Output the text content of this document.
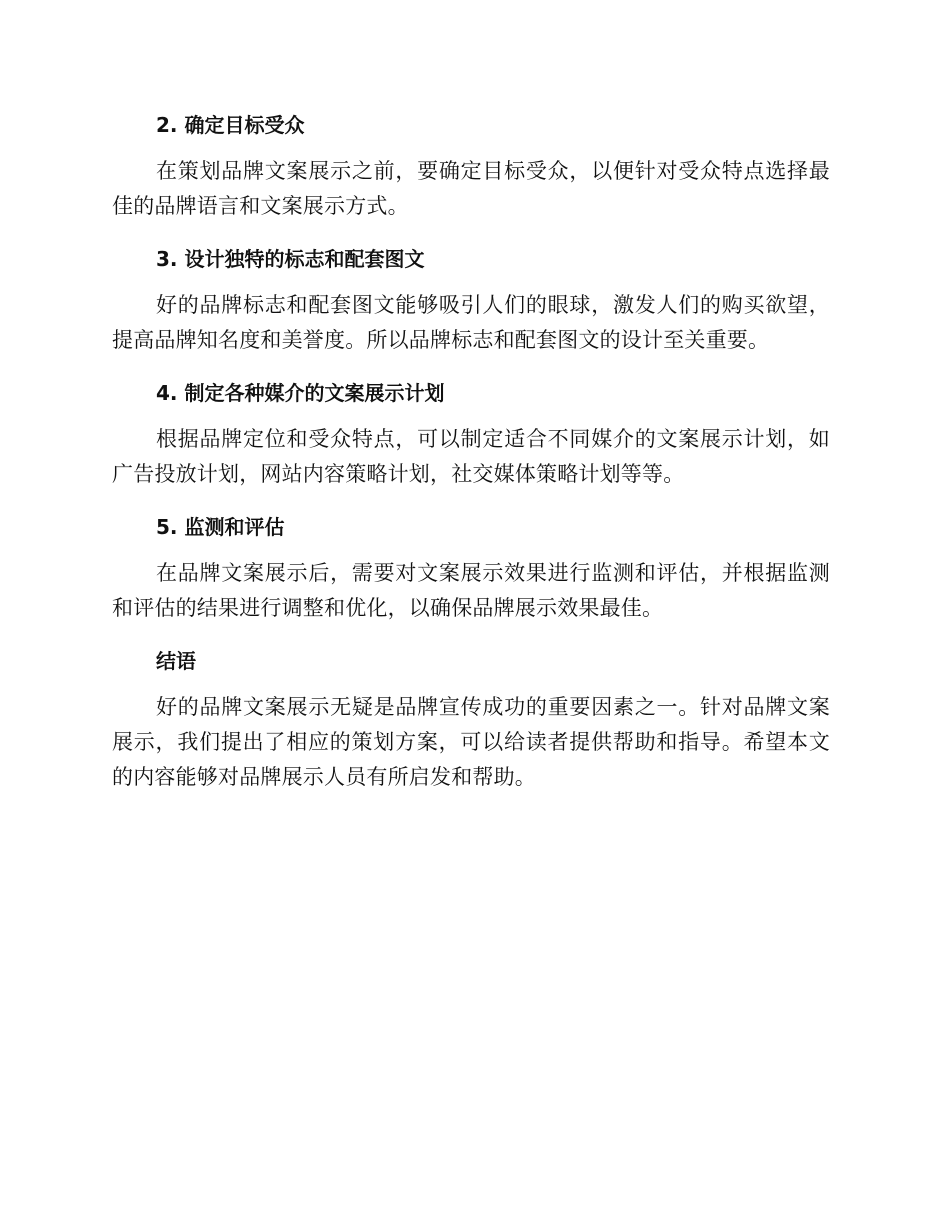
2. 确定目标受众

在策划品牌文案展示之前，要确定目标受众，以便针对受众特点选择最佳的品牌语言和文案展示方式。

3. 设计独特的标志和配套图文

好的品牌标志和配套图文能够吸引人们的眼球，激发人们的购买欲望，提高品牌知名度和美誉度。所以品牌标志和配套图文的设计至关重要。

4. 制定各种媒介的文案展示计划

根据品牌定位和受众特点，可以制定适合不同媒介的文案展示计划，如广告投放计划，网站内容策略计划，社交媒体策略计划等等。

5. 监测和评估

在品牌文案展示后，需要对文案展示效果进行监测和评估，并根据监测和评估的结果进行调整和优化，以确保品牌展示效果最佳。

结语

好的品牌文案展示无疑是品牌宣传成功的重要因素之一。针对品牌文案展示，我们提出了相应的策划方案，可以给读者提供帮助和指导。希望本文的内容能够对品牌展示人员有所启发和帮助。
